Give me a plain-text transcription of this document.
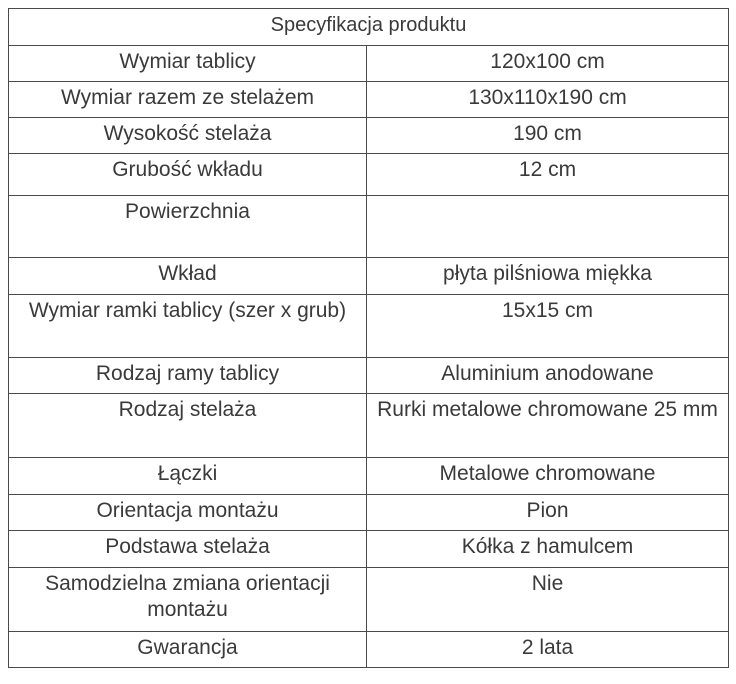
Specyfikacja produktu	
Wymiar tablicy	120x100 cm
Wymiar razem ze stelażem	130x110x190 cm
Wysokość stelaża	190 cm
Grubość wkładu	12 cm
Powierzchnia	
Wkład	płyta pilśniowa miękka
Wymiar ramki tablicy (szer x grub)	15x15 cm
Rodzaj ramy tablicy	Aluminium anodowane
Rodzaj stelaża	Rurki metalowe chromowane 25 mm
Łączki	Metalowe chromowane
Orientacja montażu	Pion
Podstawa stelaża	Kółka z hamulcem
Samodzielna zmiana orientacji montażu	Nie
Gwarancja	2 lata
